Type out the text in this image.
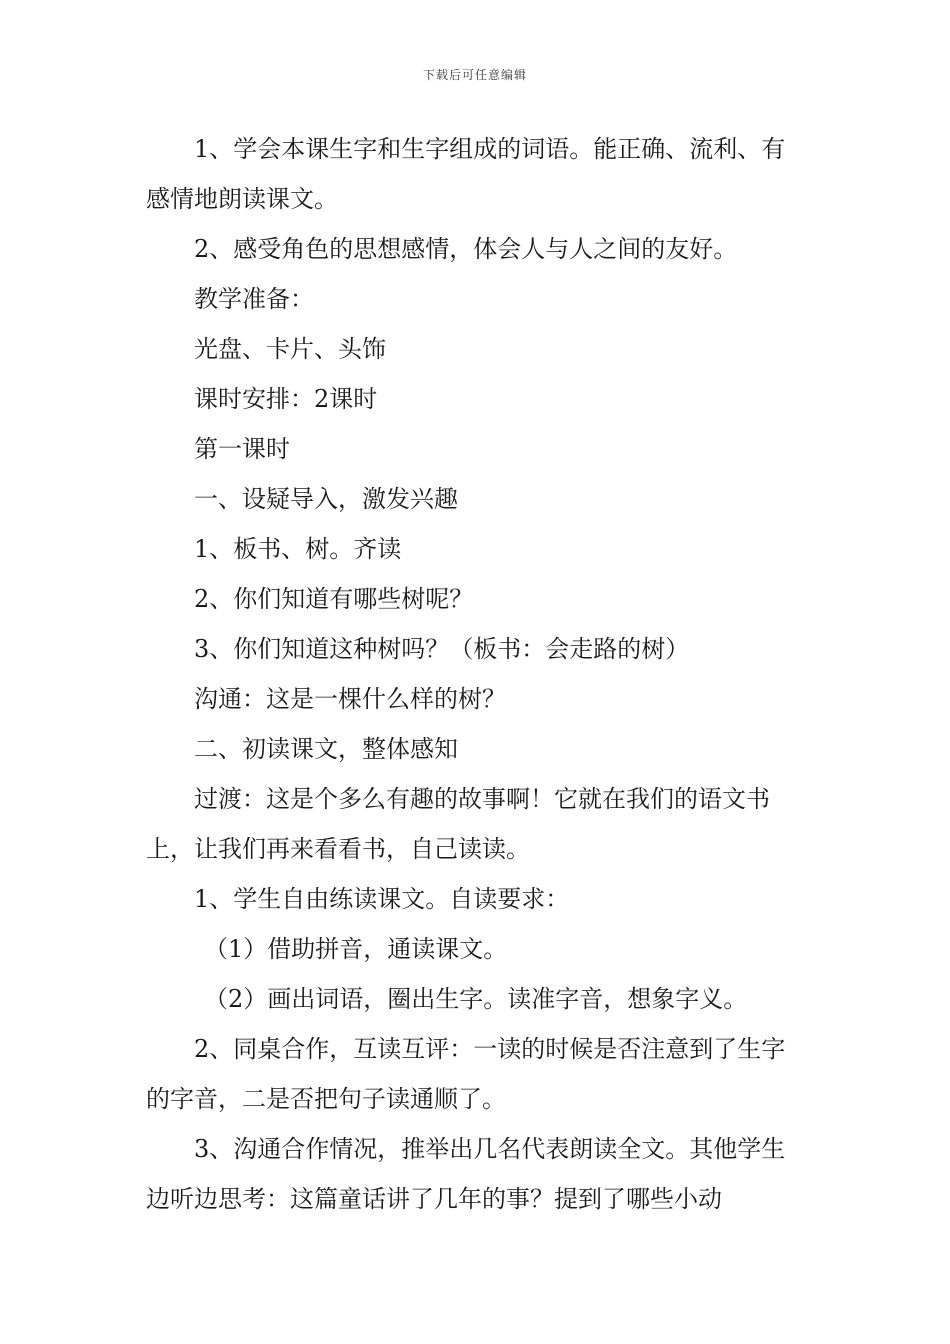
下载后可任意编辑

1、学会本课生字和生字组成的词语。能正确、流利、有感情地朗读课文。

2、感受角色的思想感情，体会人与人之间的友好。

教学准备：

光盘、卡片、头饰

课时安排：2课时

第一课时

一、设疑导入，激发兴趣

1、板书、树。齐读

2、你们知道有哪些树呢？

3、你们知道这种树吗？（板书：会走路的树）

沟通：这是一棵什么样的树？

二、初读课文，整体感知

过渡：这是个多么有趣的故事啊！它就在我们的语文书上，让我们再来看看书，自己读读。

1、学生自由练读课文。自读要求：

（1）借助拼音，通读课文。

（2）画出词语，圈出生字。读准字音，想象字义。

2、同桌合作，互读互评：一读的时候是否注意到了生字的字音，二是否把句子读通顺了。

3、沟通合作情况，推举出几名代表朗读全文。其他学生边听边思考：这篇童话讲了几年的事？提到了哪些小动
